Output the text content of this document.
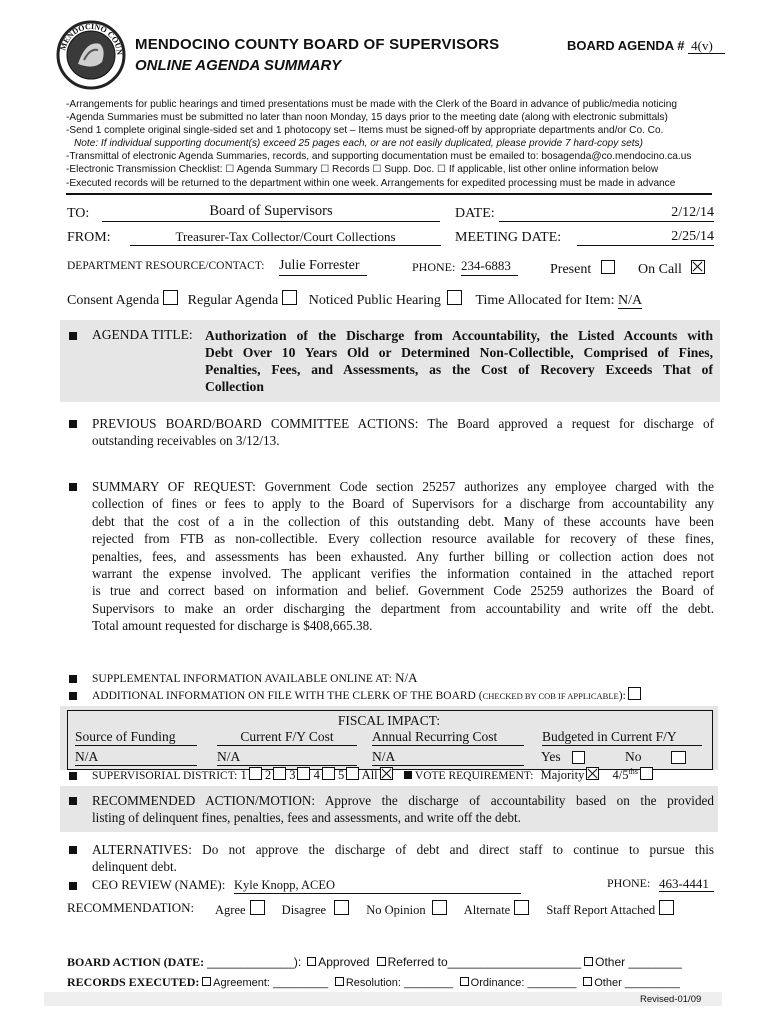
MENDOCINO COUN MENDOCINO COUNTY BOARD OF SUPERVISORS
ONLINE AGENDA SUMMARY
BOARD AGENDA # 4(v)
-Arrangements for public hearings and timed presentations must be made with the Clerk of the Board in advance of public/media noticing
-Agenda Summaries must be submitted no later than noon Monday, 15 days prior to the meeting date (along with electronic submittals)
-Send 1 complete original single-sided set and 1 photocopy set – Items must be signed-off by appropriate departments and/or Co. Co.
Note: If individual supporting document(s) exceed 25 pages each, or are not easily duplicated, please provide 7 hard-copy sets)
-Transmittal of electronic Agenda Summaries, records, and supporting documentation must be emailed to: bosagenda@co.mendocino.ca.us
-Electronic Transmission Checklist: ☐ Agenda Summary ☐ Records ☐ Supp. Doc. ☐ If applicable, list other online information below
-Executed records will be returned to the department within one week. Arrangements for expedited processing must be made in advance
TO:	Board of Supervisors	DATE:	2/12/14
FROM:	Treasurer-Tax Collector/Court Collections	MEETING DATE:	2/25/14
DEPARTMENT RESOURCE/CONTACT: Julie Forrester	PHONE: 234-6883	Present	On Call
Consent Agenda Regular Agenda Noticed Public Hearing Time Allocated for Item: N/A
AGENDA TITLE: Authorization of the Discharge from Accountability, the Listed Accounts with
Debt Over 10 Years Old or Determined Non-Collectible, Comprised of Fines,
Penalties, Fees, and Assessments, as the Cost of Recovery Exceeds That of
Collection
PREVIOUS BOARD/BOARD COMMITTEE ACTIONS: The Board approved a request for discharge of
outstanding receivables on 3/12/13.
SUMMARY OF REQUEST: Government Code section 25257 authorizes any employee charged with the
collection of fines or fees to apply to the Board of Supervisors for a discharge from accountability any
debt that the cost of a in the collection of this outstanding debt. Many of these accounts have been
rejected from FTB as non-collectible. Every collection resource available for recovery of these fines,
penalties, fees, and assessments has been exhausted. Any further billing or collection action does not
warrant the expense involved. The applicant verifies the information contained in the attached report
is true and correct based on information and belief. Government Code 25259 authorizes the Board of
Supervisors to make an order discharging the department from accountability and write off the debt.
Total amount requested for discharge is $408,665.38.
SUPPLEMENTAL INFORMATION AVAILABLE ONLINE AT: N/A
ADDITIONAL INFORMATION ON FILE WITH THE CLERK OF THE BOARD (CHECKED BY COB IF APPLICABLE):
FISCAL IMPACT:
Source of Funding	Current F/Y Cost	Annual Recurring Cost	Budgeted in Current F/Y
N/A	N/A	N/A	Yes
	No
SUPERVISORIAL DISTRICT: 1 2 3 4 5 All	VOTE REQUIREMENT: Majority $4/5^{ths}$
RECOMMENDED ACTION/MOTION: Approve the discharge of accountability based on the provided
listing of delinquent fines, penalties, fees and assessments, and write off the debt.
ALTERNATIVES: Do not approve the discharge of debt and direct staff to continue to pursue this
delinquent debt.
CEO REVIEW (NAME): Kyle Knopp, ACEO	PHONE: 463-4441
RECOMMENDATION: Agree	Disagree	No Opinion	Alternate	Staff Report Attached
BOARD ACTION (DATE: _____________): Approved Referred to____________________ Other ________
RECORDS EXECUTED: Agreement: _________ Resolution: ________ Ordinance: ________ Other _________
Revised-01/09
